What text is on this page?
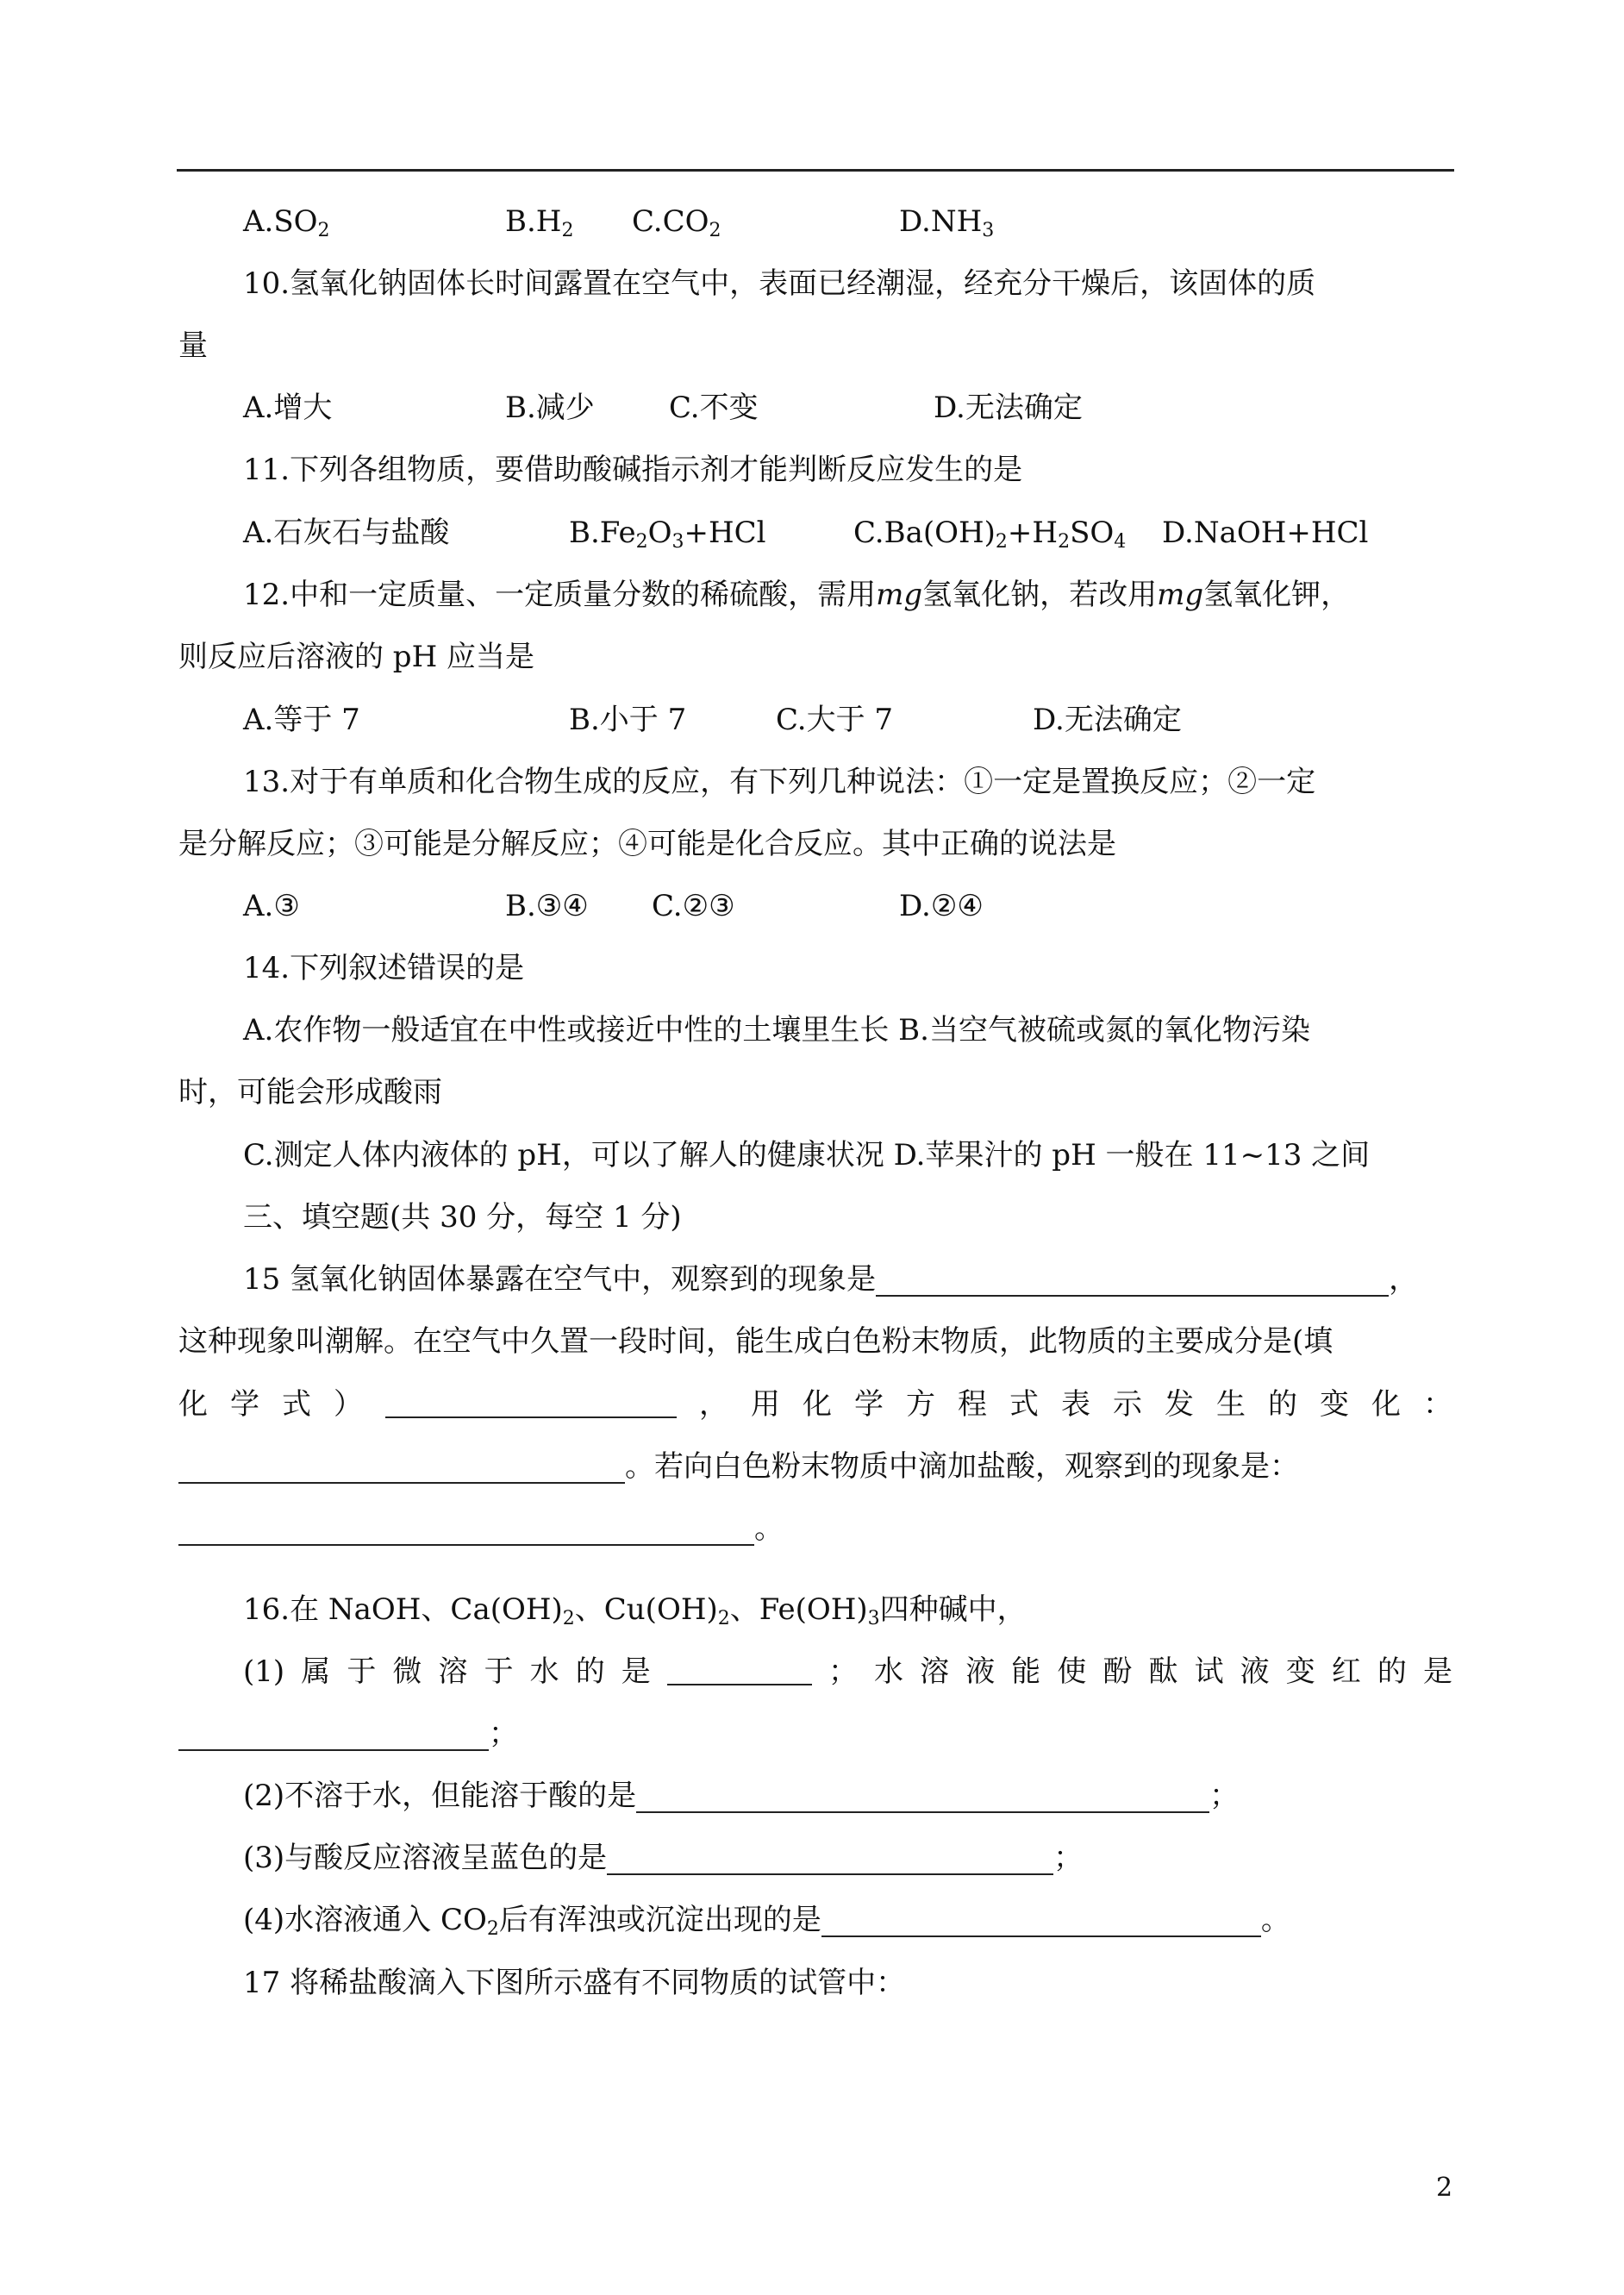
$A.SO_2$	$B.H_2$ $C.CO_2$	$D.NH_3$
10.氢氧化钠固体长时间露置在空气中，表面已经潮湿，经充分干燥后，该固体的质
量
A.增大	B.减少	C.不变	D.无法确定
11.下列各组物质，要借助酸碱指示剂才能判断反应发生的是
A.石灰石与盐酸	$B.Fe_2O_3+HCl$	$C.Ba(OH)_2+H_2SO_4$ D.NaOH+HCl
12.中和一定质量、一定质量分数的稀硫酸，需用mg氢氧化钠，若改用mg氢氧化钾，
则反应后溶液的 pH 应当是
A.等于 7	B.小于 7	C.大于 7	D.无法确定
13.对于有单质和化合物生成的反应，有下列几种说法：①一定是置换反应；②一定
是分解反应；③可能是分解反应；④可能是化合反应。其中正确的说法是
A.③	B.③④ C.②③	D.②④
14.下列叙述错误的是
A.农作物一般适宜在中性或接近中性的土壤里生长 B.当空气被硫或氮的氧化物污染
时，可能会形成酸雨
C.测定人体内液体的 pH，可以了解人的健康状况 D.苹果汁的 pH 一般在 11~13 之间
三、填空题(共 30 分，每空 1 分)
15 氢氧化钠固体暴露在空气中，观察到的现象是	，
这种现象叫潮解。在空气中久置一段时间，能生成白色粉末物质，此物质的主要成分是(填
化 学 式 ）	， 用 化 学 方 程 式 表 示 发 生 的 变 化 ：
。若向白色粉末物质中滴加盐酸，观察到的现象是：
。
16.在 NaOH、$Ca(OH)_2$、$Cu(OH)_2$、$Fe(OH)_3$四种碱中，
(1) 属 于 微 溶 于 水 的 是	； 水 溶 液 能 使 酚 酞 试 液 变 红 的 是
；
(2)不溶于水，但能溶于酸的是	；
(3)与酸反应溶液呈蓝色的是	；
(4)水溶液通入 $CO_2$后有浑浊或沉淀出现的是	。
17 将稀盐酸滴入下图所示盛有不同物质的试管中：
2
